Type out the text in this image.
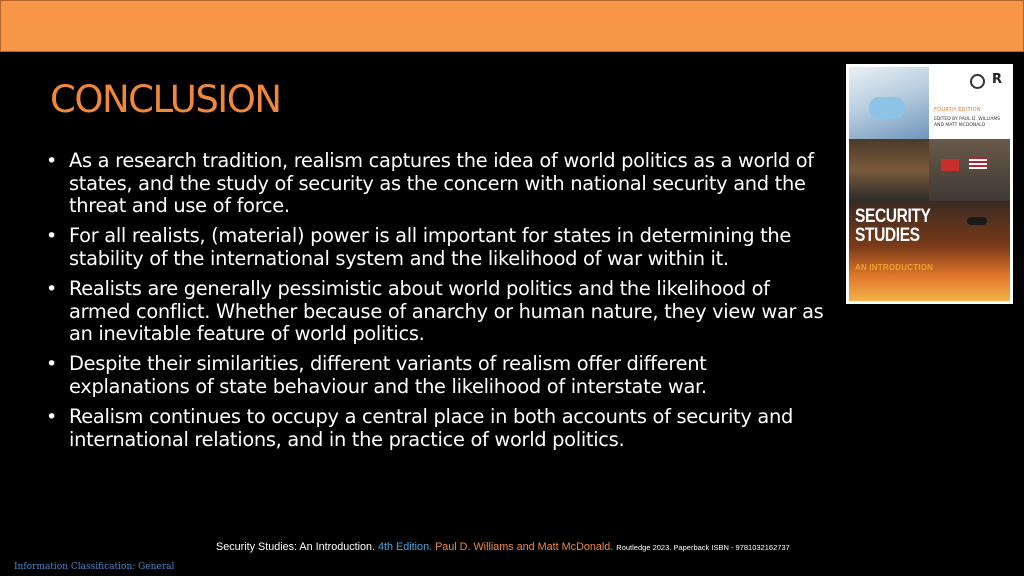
CONCLUSION
• As a research tradition, realism captures the idea of world politics as a world of states, and the study of security as the concern with national security and the threat and use of force.
• For all realists, (material) power is all important for states in determining the stability of the international system and the likelihood of war within it.
• Realists are generally pessimistic about world politics and the likelihood of armed conflict. Whether because of anarchy or human nature, they view war as an inevitable feature of world politics.
• Despite their similarities, different variants of realism offer different explanations of state behaviour and the likelihood of interstate war.
• Realism continues to occupy a central place in both accounts of security and international relations, and in the practice of world politics.
R
FOURTH EDITION
EDITED BY PAUL D. WILLIAMS AND MATT MCDONALD
SECURITY STUDIES
AN INTRODUCTION
Security Studies: An Introduction. 4th Edition. Paul D. Williams and Matt McDonald. Routledge 2023. Paperback ISBN - 9781032162737
Information Classification: General
